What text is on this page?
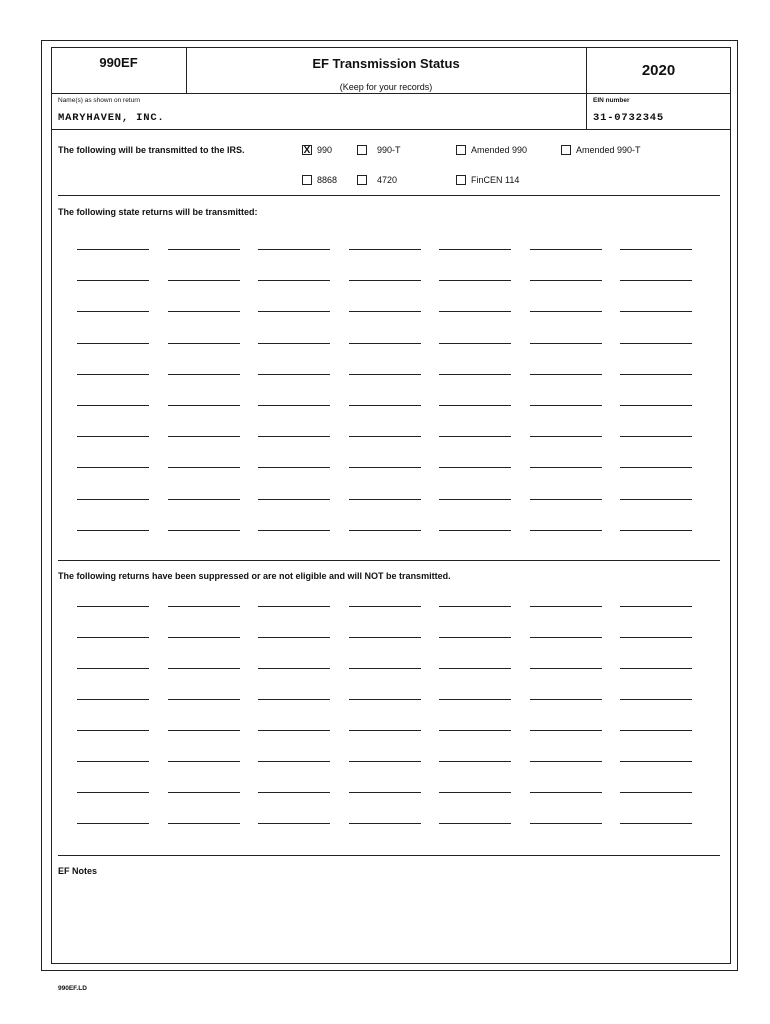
990EF	EF Transmission Status
(Keep for your records)
2020
Name(s) as shown on return
MARYHAVEN, INC.
EIN number
31-0732345
The following will be transmitted to the IRS.	X 990	990-T	Amended 990	Amended 990-T
8868	4720	FinCEN 114
The following state returns will be transmitted:
The following returns have been suppressed or are not eligible and will NOT be transmitted.
EF Notes
990EF.LD
